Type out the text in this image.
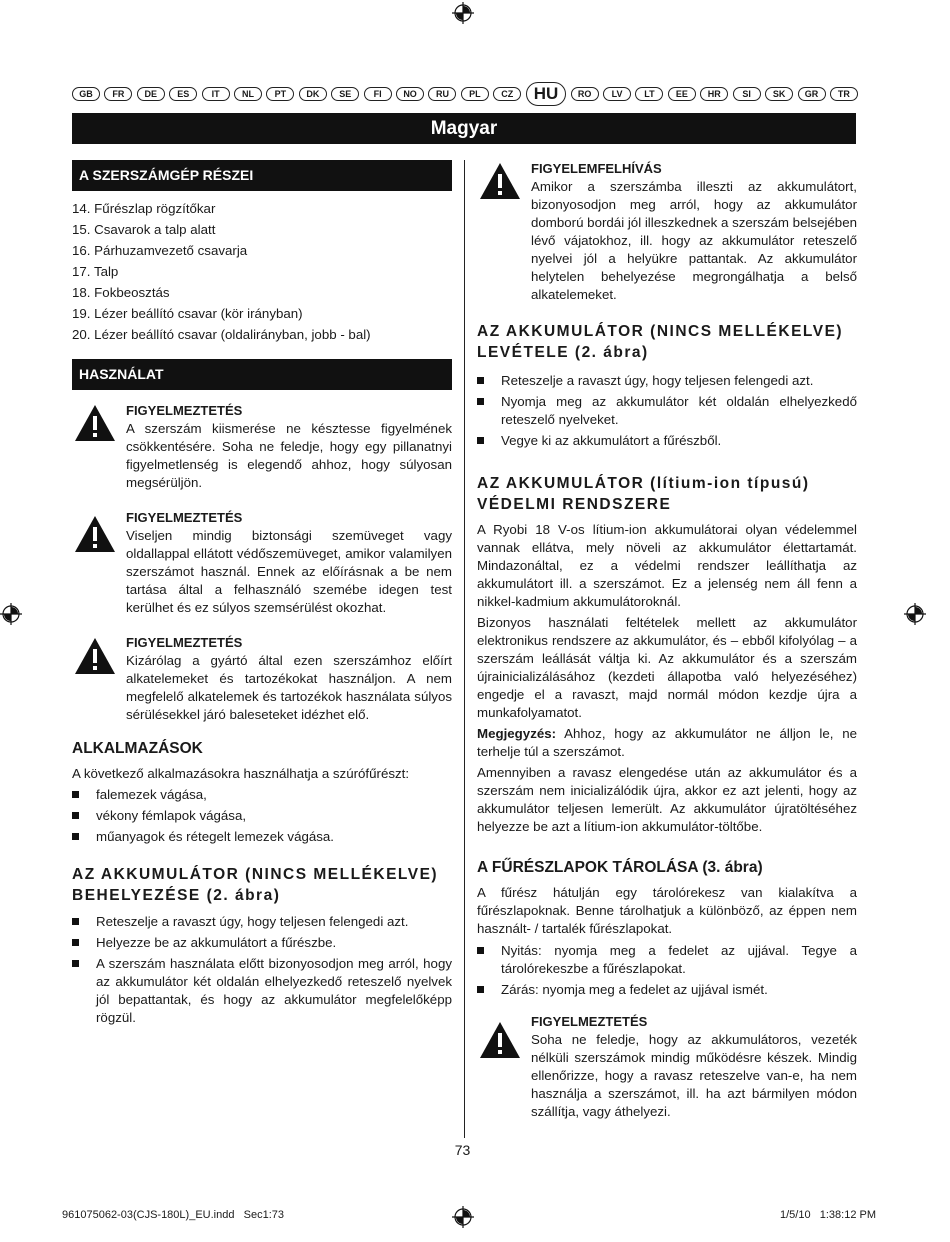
GB	FR	DE	ES	IT	NL	PT	DK	SE	FI	NO	RU	PL	CZ	HU	RO	LV	LT	EE	HR	SI	SK	GR	TR
Magyar
A SZERSZÁMGÉP RÉSZEI

14. Fűrészlap rögzítőkar

15. Csavarok a talp alatt

16. Párhuzamvezető csavarja

17. Talp

18. Fokbeosztás

19. Lézer beállító csavar (kör irányban)

20. Lézer beállító csavar (oldalirányban, jobb - bal)

HASZNÁLAT
FIGYELMEZTETÉS
A szerszám kiismerése ne késztesse figyelmének csökkentésére. Soha ne feledje, hogy egy pillanatnyi figyelmetlenség is elegendő ahhoz, hogy súlyosan megsérüljön.
FIGYELMEZTETÉS
Viseljen mindig biztonsági szemüveget vagy oldallappal ellátott védőszemüveget, amikor valamilyen szerszámot használ. Ennek az előírásnak a be nem tartása által a felhasználó szemébe idegen test kerülhet és ez súlyos szemsérülést okozhat.
FIGYELMEZTETÉS
Kizárólag a gyártó által ezen szerszámhoz előírt alkatelemeket és tartozékokat használjon. A nem megfelelő alkatelemek és tartozékok használata súlyos sérülésekkel járó baleseteket idézhet elő.
ALKALMAZÁSOK

A következő alkalmazásokra használhatja a szúrófűrészt:

falemezek vágása,
vékony fémlapok vágása,
műanyagok és rétegelt lemezek vágása.
AZ AKKUMULÁTOR (NINCS MELLÉKELVE) BEHELYEZÉSE (2. ábra)
Reteszelje a ravaszt úgy, hogy teljesen felengedi azt.
Helyezze be az akkumulátort a fűrészbe.
A szerszám használata előtt bizonyosodjon meg arról, hogy az akkumulátor két oldalán elhelyezkedő reteszelő nyelvek jól bepattantak, és hogy az akkumulátor megfelelőképp rögzül.
FIGYELEMFELHÍVÁS
Amikor a szerszámba illeszti az akkumulátort, bizonyosodjon meg arról, hogy az akkumulátor domború bordái jól illeszkednek a szerszám belsejében lévő vájatokhoz, ill. hogy az akkumulátor reteszelő nyelvei jól a helyükre pattantak. Az akkumulátor helytelen behelyezése megrongálhatja a belső alkatelemeket.
AZ AKKUMULÁTOR (NINCS MELLÉKELVE) LEVÉTELE (2. ábra)
Reteszelje a ravaszt úgy, hogy teljesen felengedi azt.
Nyomja meg az akkumulátor két oldalán elhelyezkedő reteszelő nyelveket.
Vegye ki az akkumulátort a fűrészből.
AZ AKKUMULÁTOR (lítium-ion típusú) VÉDELMI RENDSZERE

A Ryobi 18 V-os lítium-ion akkumulátorai olyan védelemmel vannak ellátva, mely növeli az akkumulátor élettartamát. Mindazonáltal, ez a védelmi rendszer leállíthatja az akkumulátort ill. a szerszámot. Ez a jelenség nem áll fenn a nikkel-kadmium akkumulátoroknál.

Bizonyos használati feltételek mellett az akkumulátor elektronikus rendszere az akkumulátor, és – ebből kifolyólag – a szerszám leállását váltja ki. Az akkumulátor és a szerszám újrainicializálásához (kezdeti állapotba való helyezéséhez) engedje el a ravaszt, majd normál módon kezdje újra a munkafolyamatot.

Megjegyzés: Ahhoz, hogy az akkumulátor ne álljon le, ne terhelje túl a szerszámot.

Amennyiben a ravasz elengedése után az akkumulátor és a szerszám nem inicializálódik újra, akkor ez azt jelenti, hogy az akkumulátor teljesen lemerült. Az akkumulátor újratöltéséhez helyezze be azt a lítium-ion akkumulátor-töltőbe.

A FŰRÉSZLAPOK TÁROLÁSA (3. ábra)

A fűrész hátulján egy tárolórekesz van kialakítva a fűrészlapoknak. Benne tárolhatjuk a különböző, az éppen nem használt- / tartalék fűrészlapokat.

Nyitás: nyomja meg a fedelet az ujjával. Tegye a tárolórekeszbe a fűrészlapokat.
Zárás: nyomja meg a fedelet az ujjával ismét.
FIGYELMEZTETÉS
Soha ne feledje, hogy az akkumulátoros, vezeték nélküli szerszámok mindig működésre készek. Mindig ellenőrizze, hogy a ravasz reteszelve van-e, ha nem használja a szerszámot, ill. ha azt bármilyen módon szállítja, vagy áthelyezi.
73
961075062-03(CJS-180L)_EU.indd   Sec1:73	1/5/10   1:38:12 PM
